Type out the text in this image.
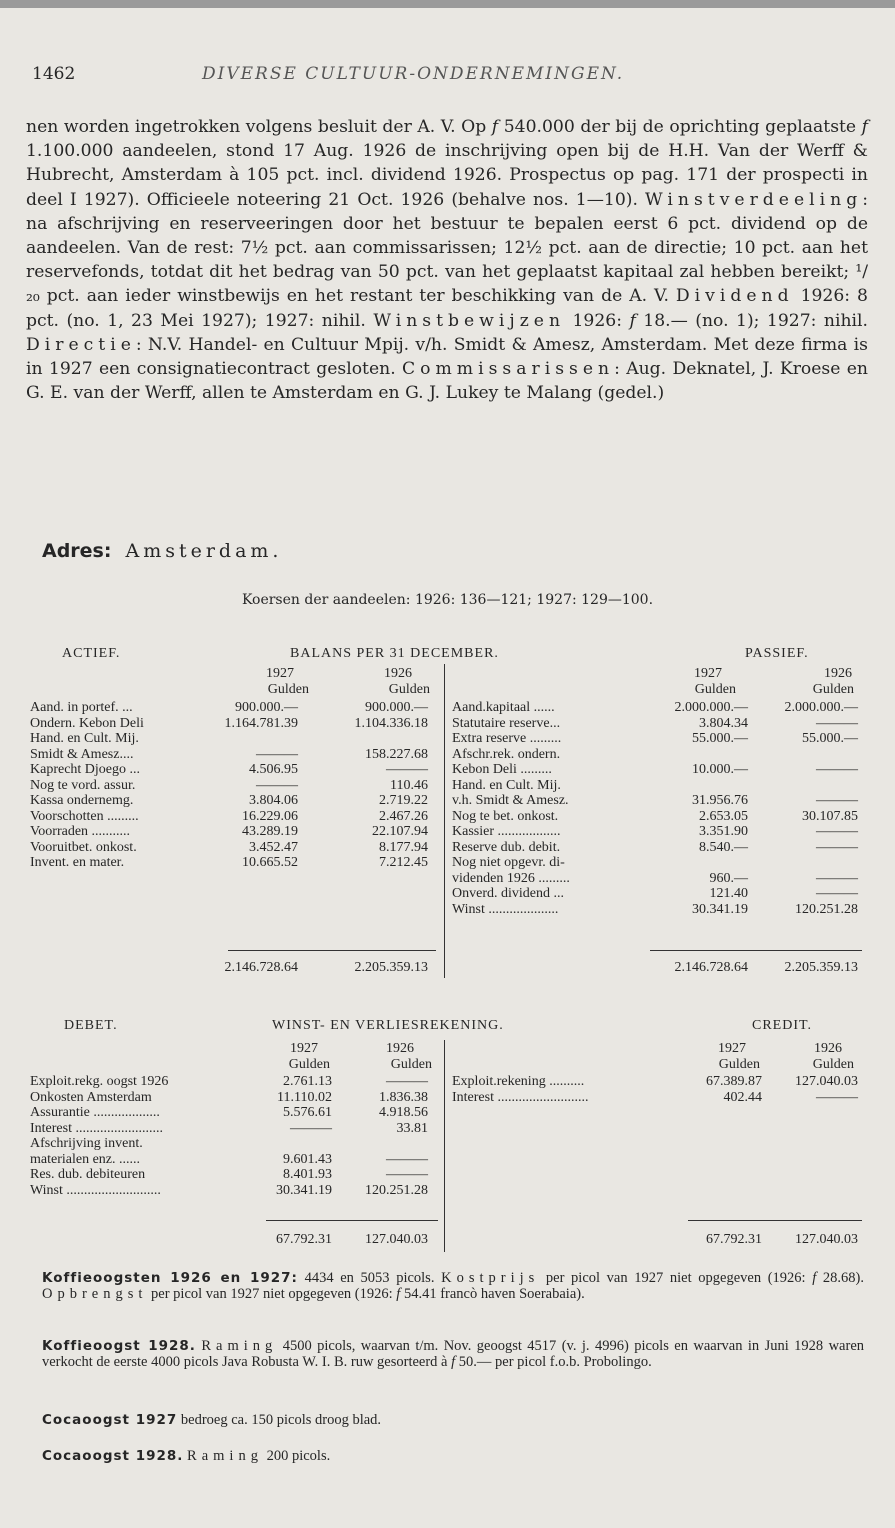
1462	DIVERSE CULTUUR-ONDERNEMINGEN.

nen worden ingetrokken volgens besluit der A. V. Op f 540.000 der bij de oprichting geplaatste f 1.100.000 aandeelen, stond 17 Aug. 1926 de inschrijving open bij de H.H. Van der Werff & Hubrecht, Amsterdam à 105 pct. incl. dividend 1926. Prospectus op pag. 171 der prospecti in deel I 1927). Officieele noteering 21 Oct. 1926 (behalve nos. 1—10). Winstverdeeling: na afschrijving en reserveeringen door het bestuur te bepalen eerst 6 pct. dividend op de aandeelen. Van de rest: 7½ pct. aan commissarissen; 12½ pct. aan de directie; 10 pct. aan het reservefonds, totdat dit het bedrag van 50 pct. van het geplaatst kapitaal zal hebben bereikt; ¹/₂₀ pct. aan ieder winstbewijs en het restant ter beschikking van de A. V. Dividend 1926: 8 pct. (no. 1, 23 Mei 1927); 1927: nihil. Winstbewijzen 1926: f 18.— (no. 1); 1927: nihil. Directie: N.V. Handel- en Cultuur Mpij. v/h. Smidt & Amesz, Amsterdam. Met deze firma is in 1927 een consignatiecontract gesloten. Commissarissen: Aug. Deknatel, J. Kroese en G. E. van der Werff, allen te Amsterdam en G. J. Lukey te Malang (gedel.)

Adres: Amsterdam.
Koersen der aandeelen: 1926: 136—121; 1927: 129—100.
ACTIEF.	BALANS PER 31 DECEMBER.	PASSIEF.
1927	1926
Gulden	Gulden
1927	1926
Gulden	Gulden
Aand. in portef. ...	900.000.—	900.000.—
Ondern. Kebon Deli	1.164.781.39	1.104.336.18
Hand. en Cult. Mij.
Smidt & Amesz....	———	158.227.68
Kaprecht Djoego ...	4.506.95	———
Nog te vord. assur.	———	110.46
Kassa ondernemg.	3.804.06	2.719.22
Voorschotten .........	16.229.06	2.467.26
Voorraden ...........	43.289.19	22.107.94
Vooruitbet. onkost.	3.452.47	8.177.94
Invent. en mater.	10.665.52	7.212.45
Aand.kapitaal ......	2.000.000.—	2.000.000.—
Statutaire reserve...	3.804.34	———
Extra reserve .........	55.000.—	55.000.—
Afschr.rek. ondern.
Kebon Deli .........	10.000.—	———
Hand. en Cult. Mij.
v.h. Smidt & Amesz.	31.956.76	———
Nog te bet. onkost.	2.653.05	30.107.85
Kassier ..................	3.351.90	———
Reserve dub. debit.	8.540.—	———
Nog niet opgevr. di-
videnden 1926 .........	960.—	———
Onverd. dividend ...	121.40	———
Winst ....................	30.341.19	120.251.28
2.146.728.64	2.205.359.13	2.146.728.64	2.205.359.13
DEBET.	WINST- EN VERLIESREKENING.	CREDIT.
1927	1926
Gulden	Gulden
1927	1926
Gulden	Gulden
Exploit.rekg. oogst 1926	2.761.13	———
Onkosten Amsterdam	11.110.02	1.836.38
Assurantie ...................	5.576.61	4.918.56
Interest .........................	———	33.81
Afschrijving invent.
materialen enz. ......	9.601.43	———
Res. dub. debiteuren	8.401.93	———
Winst ...........................	30.341.19 120.251.28
Exploit.rekening ..........	67.389.87 127.040.03
Interest ..........................	402.44	———
67.792.31 127.040.03	67.792.31 127.040.03
Koffieoogsten 1926 en 1927: 4434 en 5053 picols. Kostprijs per picol van 1927 niet opgegeven (1926: f 28.68). Opbrengst per picol van 1927 niet opgegeven (1926: f 54.41 francò haven Soerabaia).
Koffieoogst 1928. Raming 4500 picols, waarvan t/m. Nov. geoogst 4517 (v. j. 4996) picols en waarvan in Juni 1928 waren verkocht de eerste 4000 picols Java Robusta W. I. B. ruw gesorteerd à f 50.— per picol f.o.b. Probolingo.
Cocaoogst 1927 bedroeg ca. 150 picols droog blad.
Cocaoogst 1928. Raming 200 picols.
